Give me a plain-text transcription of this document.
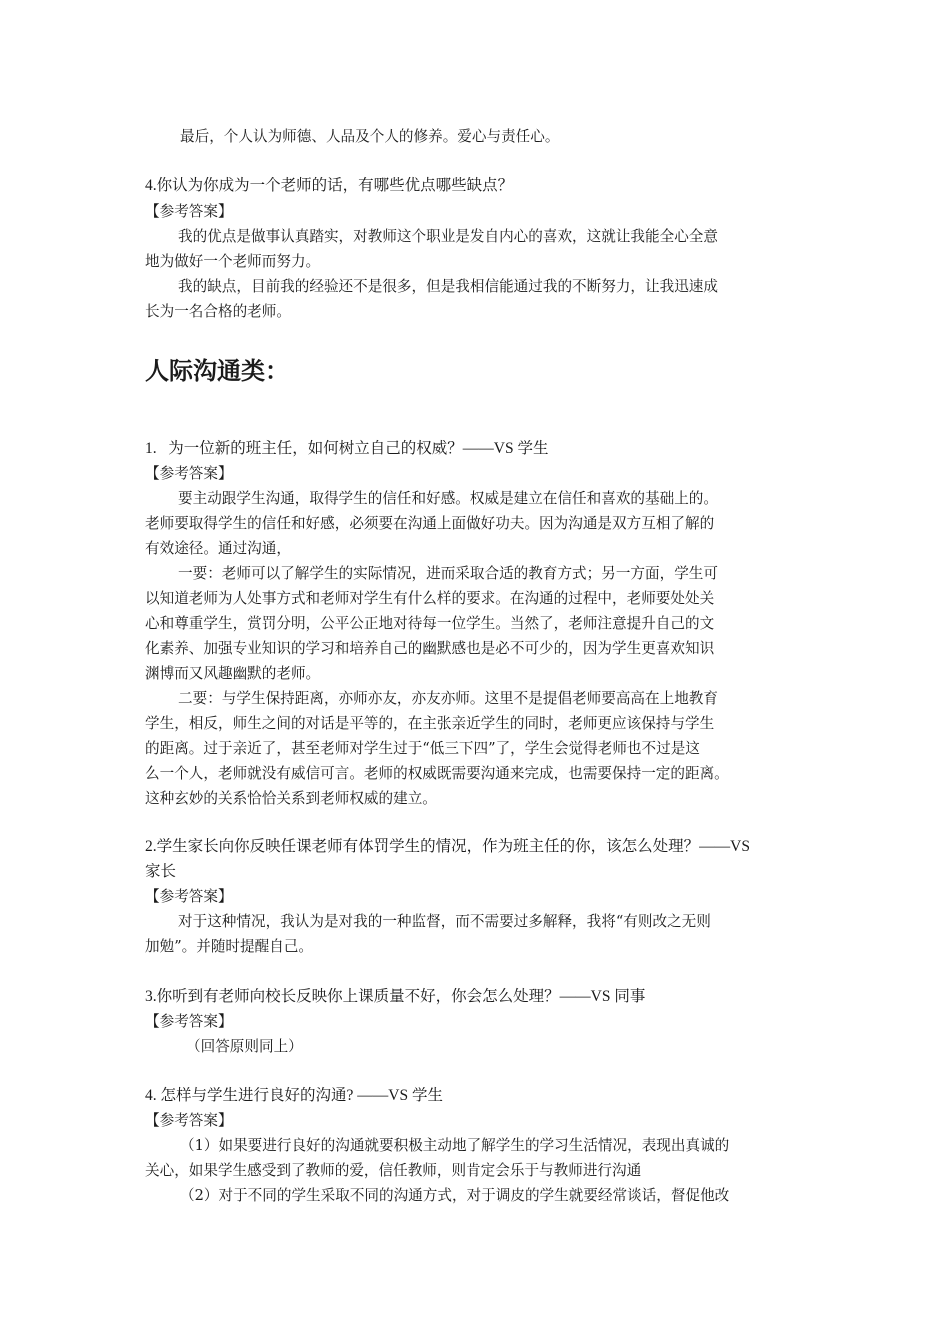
最后，个人认为师德、人品及个人的修养。爱心与责任心。
4.你认为你成为一个老师的话，有哪些优点哪些缺点？
【参考答案】
我的优点是做事认真踏实，对教师这个职业是发自内心的喜欢，这就让我能全心全意
地为做好一个老师而努力。
我的缺点，目前我的经验还不是很多，但是我相信能通过我的不断努力，让我迅速成
长为一名合格的老师。
人际沟通类：
1.   为一位新的班主任，如何树立自己的权威？——VS 学生
【参考答案】
要主动跟学生沟通，取得学生的信任和好感。权威是建立在信任和喜欢的基础上的。
老师要取得学生的信任和好感，必须要在沟通上面做好功夫。因为沟通是双方互相了解的
有效途径。通过沟通，
一要：老师可以了解学生的实际情况，进而采取合适的教育方式；另一方面，学生可
以知道老师为人处事方式和老师对学生有什么样的要求。在沟通的过程中，老师要处处关
心和尊重学生，赏罚分明，公平公正地对待每一位学生。当然了，老师注意提升自己的文
化素养、加强专业知识的学习和培养自己的幽默感也是必不可少的，因为学生更喜欢知识
渊博而又风趣幽默的老师。
二要：与学生保持距离，亦师亦友，亦友亦师。这里不是提倡老师要高高在上地教育
学生，相反，师生之间的对话是平等的，在主张亲近学生的同时，老师更应该保持与学生
的距离。过于亲近了，甚至老师对学生过于“低三下四”了，学生会觉得老师也不过是这
么一个人，老师就没有威信可言。老师的权威既需要沟通来完成，也需要保持一定的距离。
这种玄妙的关系恰恰关系到老师权威的建立。
2.学生家长向你反映任课老师有体罚学生的情况，作为班主任的你，该怎么处理？——VS
家长
【参考答案】
对于这种情况，我认为是对我的一种监督，而不需要过多解释，我将“有则改之无则
加勉”。并随时提醒自己。
3.你听到有老师向校长反映你上课质量不好，你会怎么处理？——VS 同事
【参考答案】
（回答原则同上）
4. 怎样与学生进行良好的沟通? ——VS 学生
【参考答案】
（1）如果要进行良好的沟通就要积极主动地了解学生的学习生活情况，表现出真诚的
关心，如果学生感受到了教师的爱，信任教师，则肯定会乐于与教师进行沟通
（2）对于不同的学生采取不同的沟通方式，对于调皮的学生就要经常谈话，督促他改
